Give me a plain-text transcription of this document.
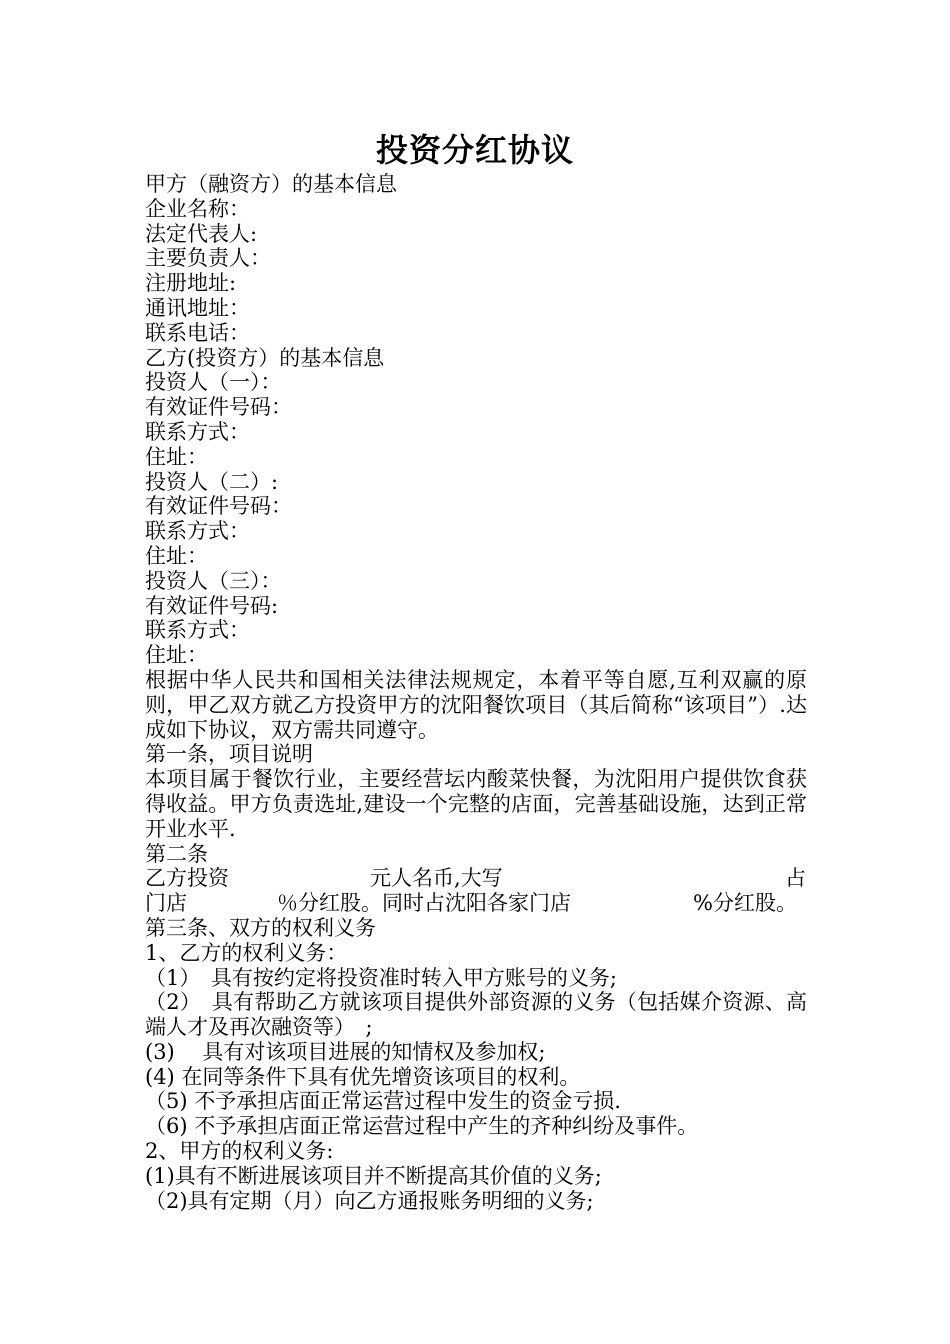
投资分红协议
甲方（融资方）的基本信息
企业名称：
法定代表人:
主要负责人：
注册地址:
通讯地址：
联系电话：
乙方(投资方）的基本信息
投资人（一）：
有效证件号码：
联系方式：
住址：
投资人（二）:
有效证件号码：
联系方式：
住址：
投资人（三）：
有效证件号码:
联系方式：
住址：
根据中华人民共和国相关法律法规规定，本着平等自愿,互利双赢的原则，甲乙双方就乙方投资甲方的沈阳餐饮项目（其后简称“该项目”）.达成如下协议，双方需共同遵守。
第一条，项目说明
本项目属于餐饮行业，主要经营坛内酸菜快餐，为沈阳用户提供饮食获得收益。甲方负责选址,建设一个完整的店面，完善基础设施，达到正常开业水平.
第二条
乙方投资	元人名币,大写	占
门店	％分红股。同时占沈阳各家门店	%分红股。
第三条、双方的权利义务
1、乙方的权利义务：
（1）　具有按约定将投资准时转入甲方账号的义务;
（2）　具有帮助乙方就该项目提供外部资源的义务（包括媒介资源、高端人才及再次融资等）　;
(3)　 具有对该项目进展的知情权及参加权;
(4) 在同等条件下具有优先增资该项目的权利。
（5) 不予承担店面正常运营过程中发生的资金亏损.
（6) 不予承担店面正常运营过程中产生的齐种纠纷及事件。
2、甲方的权利义务:
(1)具有不断进展该项目并不断提高其价值的义务;
（2)具有定期（月）向乙方通报账务明细的义务;
